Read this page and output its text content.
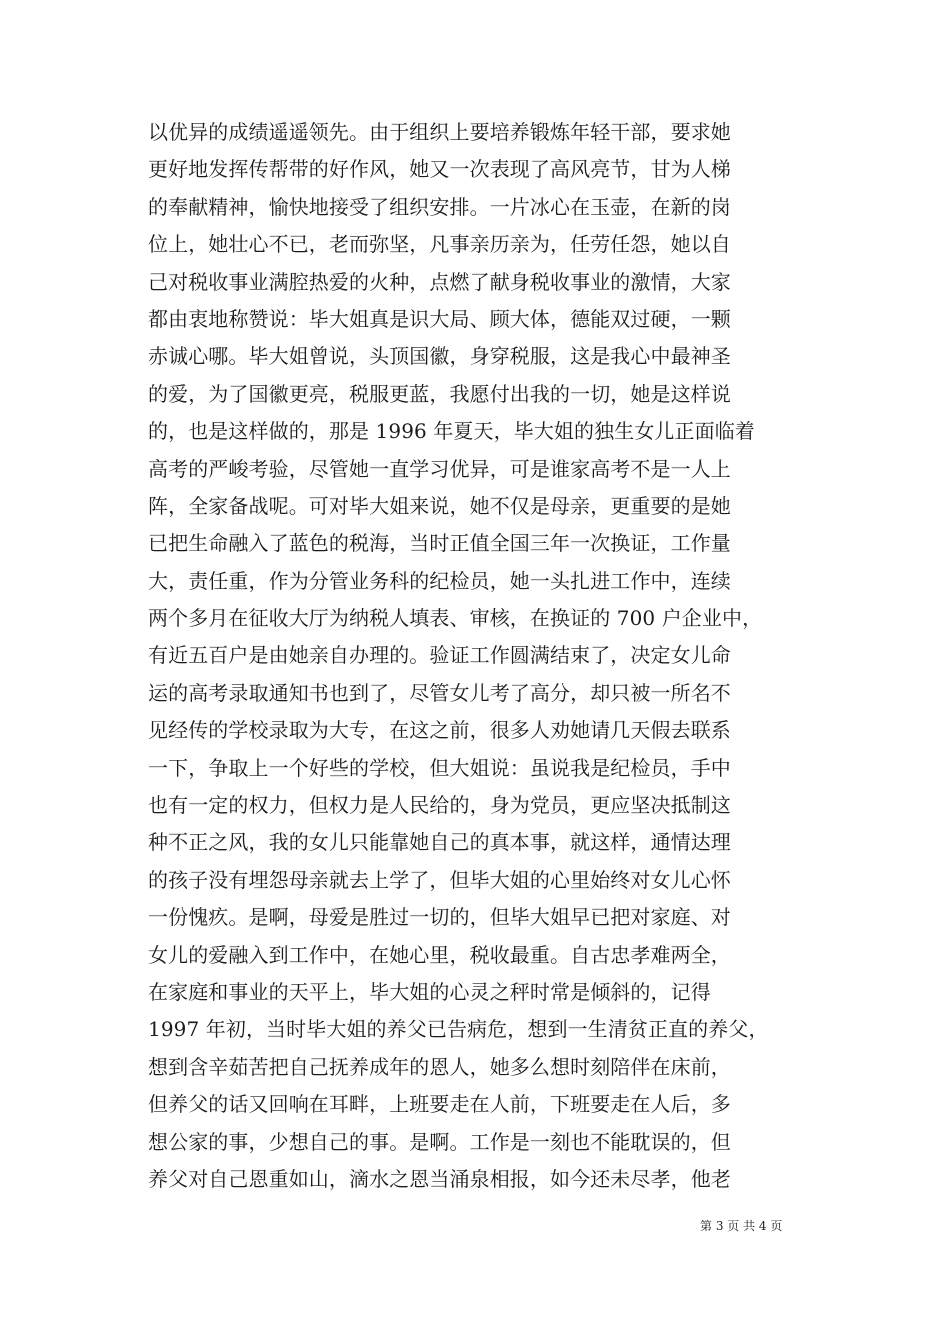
以优异的成绩遥遥领先。由于组织上要培养锻炼年轻干部，要求她
更好地发挥传帮带的好作风，她又一次表现了高风亮节，甘为人梯
的奉献精神，愉快地接受了组织安排。一片冰心在玉壶，在新的岗
位上，她壮心不已，老而弥坚，凡事亲历亲为，任劳任怨，她以自
己对税收事业满腔热爱的火种，点燃了献身税收事业的激情，大家
都由衷地称赞说：毕大姐真是识大局、顾大体，德能双过硬，一颗
赤诚心哪。毕大姐曾说，头顶国徽，身穿税服，这是我心中最神圣
的爱，为了国徽更亮，税服更蓝，我愿付出我的一切，她是这样说
的，也是这样做的，那是 1996 年夏天，毕大姐的独生女儿正面临着
高考的严峻考验，尽管她一直学习优异，可是谁家高考不是一人上
阵，全家备战呢。可对毕大姐来说，她不仅是母亲，更重要的是她
已把生命融入了蓝色的税海，当时正值全国三年一次换证，工作量
大，责任重，作为分管业务科的纪检员，她一头扎进工作中，连续
两个多月在征收大厅为纳税人填表、审核，在换证的 700 户企业中，
有近五百户是由她亲自办理的。验证工作圆满结束了，决定女儿命
运的高考录取通知书也到了，尽管女儿考了高分，却只被一所名不
见经传的学校录取为大专，在这之前，很多人劝她请几天假去联系
一下，争取上一个好些的学校，但大姐说：虽说我是纪检员，手中
也有一定的权力，但权力是人民给的，身为党员，更应坚决抵制这
种不正之风，我的女儿只能靠她自己的真本事，就这样，通情达理
的孩子没有埋怨母亲就去上学了，但毕大姐的心里始终对女儿心怀
一份愧疚。是啊，母爱是胜过一切的，但毕大姐早已把对家庭、对
女儿的爱融入到工作中，在她心里，税收最重。自古忠孝难两全，
在家庭和事业的天平上，毕大姐的心灵之秤时常是倾斜的，记得
1997 年初，当时毕大姐的养父已告病危，想到一生清贫正直的养父，
想到含辛茹苦把自己抚养成年的恩人，她多么想时刻陪伴在床前，
但养父的话又回响在耳畔，上班要走在人前，下班要走在人后，多
想公家的事，少想自己的事。是啊。工作是一刻也不能耽误的，但
养父对自己恩重如山，滴水之恩当涌泉相报，如今还未尽孝，他老
第 3 页 共 4 页
